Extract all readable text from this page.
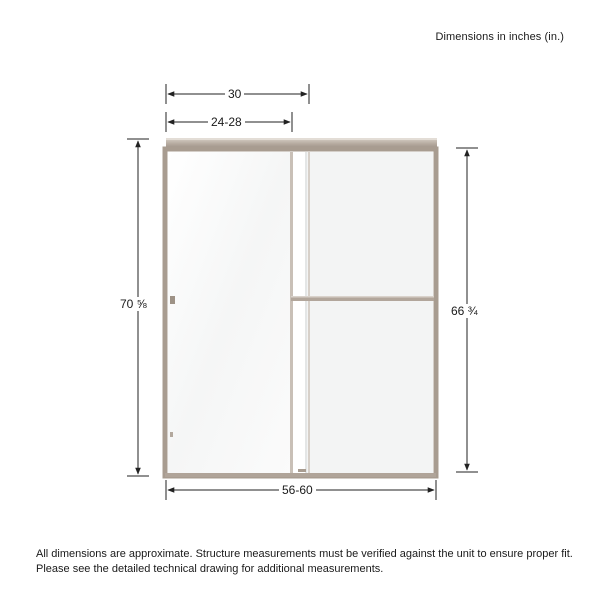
Dimensions in inches (in.)
30
24-28
70 ⅝	66 ¾
56-60
All dimensions are approximate. Structure measurements must be verified against the unit to ensure proper fit. Please see the detailed technical drawing for additional measurements.
